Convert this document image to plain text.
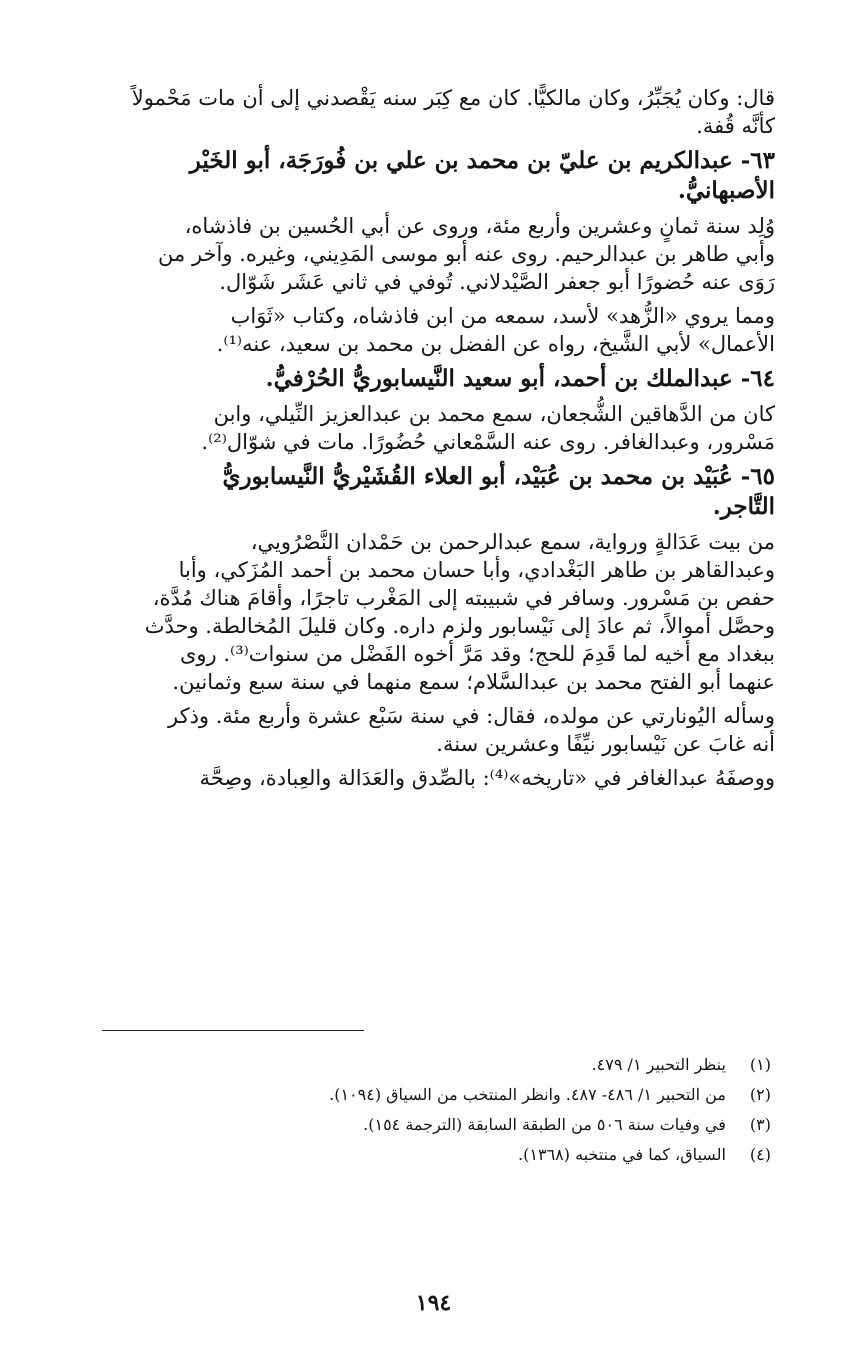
قال: وكان يُجَبِّرُ، وكان مالكيًّا. كان مع كِبَر سنه يَقْصدني إلى أن مات مَحْمولاً
كأنَّه قُفة.
٦٣- عبدالكريم بن عليّ بن محمد بن علي بن فُورَجَة، أبو الخَيْر
الأصبهانيُّ.
وُلِد سنة ثمانٍ وعشرين وأربع مئة، وروى عن أبي الحُسين بن فاذشاه،
وأبي طاهر بن عبدالرحيم. روى عنه أبو موسى المَدِيني، وغيره. وآخر من
رَوَى عنه حُضورًا أبو جعفر الصَّيْدلاني. تُوفي في ثاني عَشَر شَوّال.
ومما يروي «الزُّهد» لأسد، سمعه من ابن فاذشاه، وكتاب «ثَوَاب
الأعمال» لأبي الشَّيخ، رواه عن الفضل بن محمد بن سعيد، عنه⁽¹⁾.
٦٤- عبدالملك بن أحمد، أبو سعيد النَّيسابوريُّ الحُرْفيُّ.
كان من الدَّهاقين الشُّجعان، سمع محمد بن عبدالعزيز النِّيلي، وابن
مَسْرور، وعبدالغافر. روى عنه السَّمْعاني حُضُورًا. مات في شوّال⁽²⁾.
٦٥- عُبَيْد بن محمد بن عُبَيْد، أبو العلاء القُشَيْريُّ النَّيسابوريُّ
التَّاجر.
من بيت عَدَالةٍ ورواية، سمع عبدالرحمن بن حَمْدان النَّصْرُويي،
وعبدالقاهر بن طاهر البَغْدادي، وأبا حسان محمد بن أحمد المُزَكي، وأبا
حفص بن مَسْرور. وسافر في شبيبته إلى المَغْرب تاجرًا، وأقامَ هناك مُدَّة،
وحصَّل أموالاً، ثم عادَ إلى نَيْسابور ولزم داره. وكان قليلَ المُخالطة. وحدَّث
ببغداد مع أخيه لما قَدِمَ للحج؛ وقد مَرَّ أخوه الفَضْل من سنوات⁽³⁾. روى
عنهما أبو الفتح محمد بن عبدالسَّلام؛ سمع منهما في سنة سبع وثمانين.
وسأله اليُونارتي عن مولده، فقال: في سنة سَبْع عشرة وأربع مئة. وذكر
أنه غابَ عن نَيْسابور نيِّفًا وعشرين سنة.
ووصفَهُ عبدالغافر في «تاريخه»⁽⁴⁾: بالصِّدق والعَدَالة والعِبادة، وصِحَّة
(١) ينظر التحبير ١/ ٤٧٩.
(٢) من التحبير ١/ ٤٨٦- ٤٨٧. وانظر المنتخب من السياق (١٠٩٤).
(٣) في وفيات سنة ٥٠٦ من الطبقة السابقة (الترجمة ١٥٤).
(٤) السياق، كما في منتخبه (١٣٦٨).
١٩٤
